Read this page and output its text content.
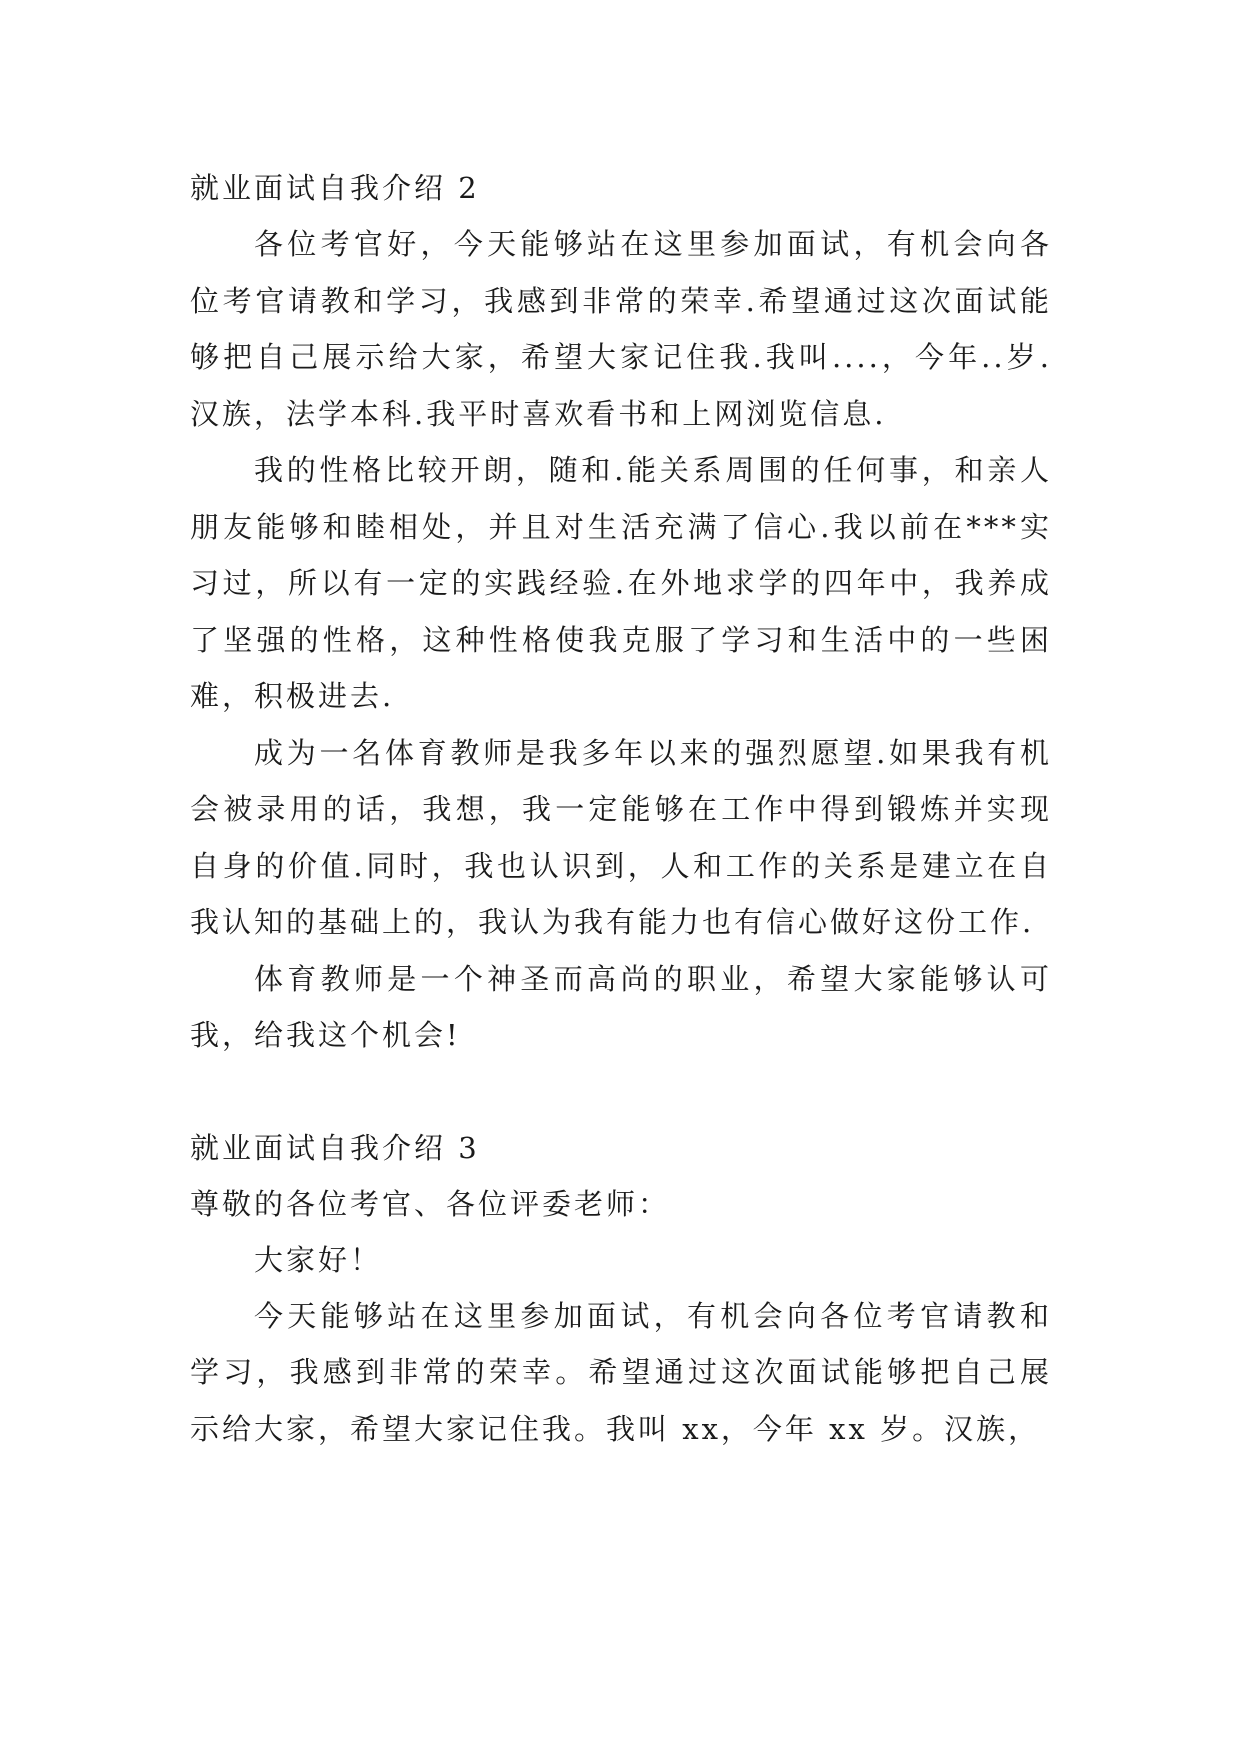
就业面试自我介绍 2

各位考官好，今天能够站在这里参加面试，有机会向各位考官请教和学习，我感到非常的荣幸.希望通过这次面试能够把自己展示给大家，希望大家记住我.我叫....，今年..岁.汉族，法学本科.我平时喜欢看书和上网浏览信息.

我的性格比较开朗，随和.能关系周围的任何事，和亲人朋友能够和睦相处，并且对生活充满了信心.我以前在***实习过，所以有一定的实践经验.在外地求学的四年中，我养成了坚强的性格，这种性格使我克服了学习和生活中的一些困难，积极进去.

成为一名体育教师是我多年以来的强烈愿望.如果我有机会被录用的话，我想，我一定能够在工作中得到锻炼并实现自身的价值.同时，我也认识到，人和工作的关系是建立在自我认知的基础上的，我认为我有能力也有信心做好这份工作.

体育教师是一个神圣而高尚的职业，希望大家能够认可我，给我这个机会!

就业面试自我介绍 3

尊敬的各位考官、各位评委老师：

大家好！

今天能够站在这里参加面试，有机会向各位考官请教和学习，我感到非常的荣幸。希望通过这次面试能够把自己展示给大家，希望大家记住我。我叫 xx，今年 xx 岁。汉族，
